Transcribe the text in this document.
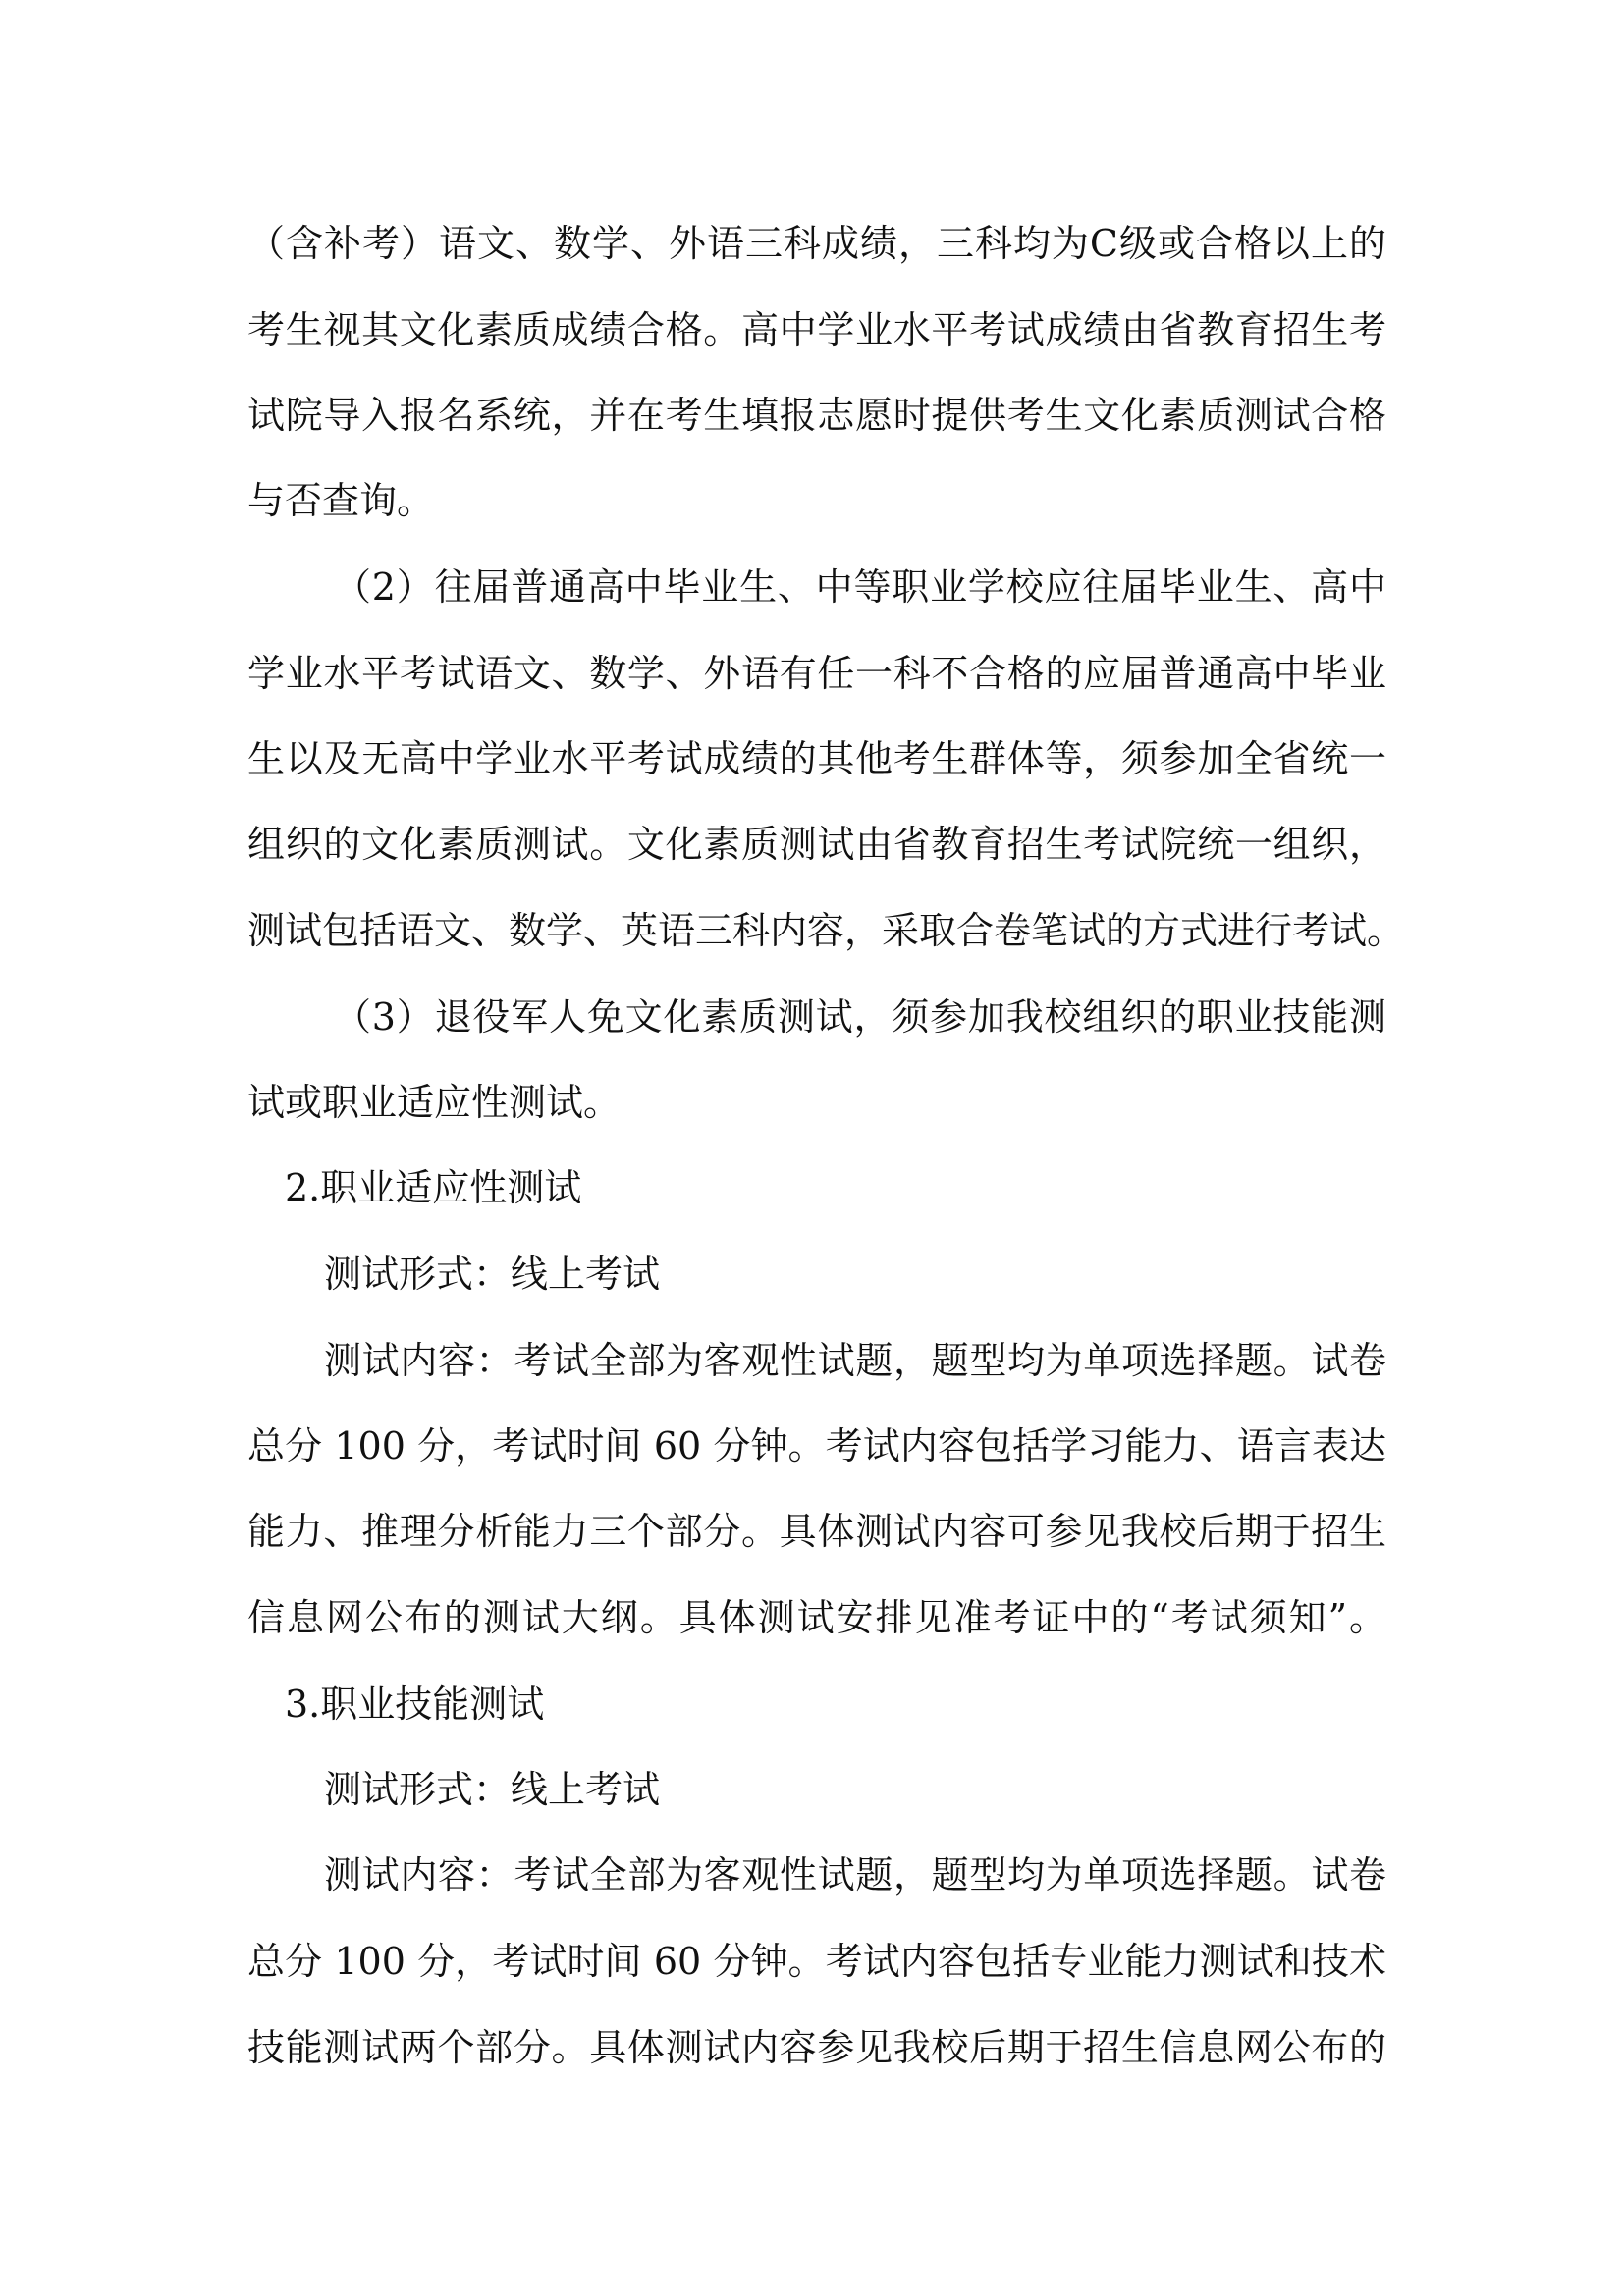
（含补考）语文、数学、外语三科成绩，三科均为C级或合格以上的
考生视其文化素质成绩合格。高中学业水平考试成绩由省教育招生考
试院导入报名系统，并在考生填报志愿时提供考生文化素质测试合格
与否查询。
（2）往届普通高中毕业生、中等职业学校应往届毕业生、高中
学业水平考试语文、数学、外语有任一科不合格的应届普通高中毕业
生以及无高中学业水平考试成绩的其他考生群体等，须参加全省统一
组织的文化素质测试。文化素质测试由省教育招生考试院统一组织，
测试包括语文、数学、英语三科内容，采取合卷笔试的方式进行考试。
（3）退役军人免文化素质测试，须参加我校组织的职业技能测
试或职业适应性测试。
2.职业适应性测试
测试形式：线上考试
测试内容：考试全部为客观性试题，题型均为单项选择题。试卷
总分 100 分，考试时间 60 分钟。考试内容包括学习能力、语言表达
能力、推理分析能力三个部分。具体测试内容可参见我校后期于招生
信息网公布的测试大纲。具体测试安排见准考证中的“考试须知”。
3.职业技能测试
测试形式：线上考试
测试内容：考试全部为客观性试题，题型均为单项选择题。试卷
总分 100 分，考试时间 60 分钟。考试内容包括专业能力测试和技术
技能测试两个部分。具体测试内容参见我校后期于招生信息网公布的
